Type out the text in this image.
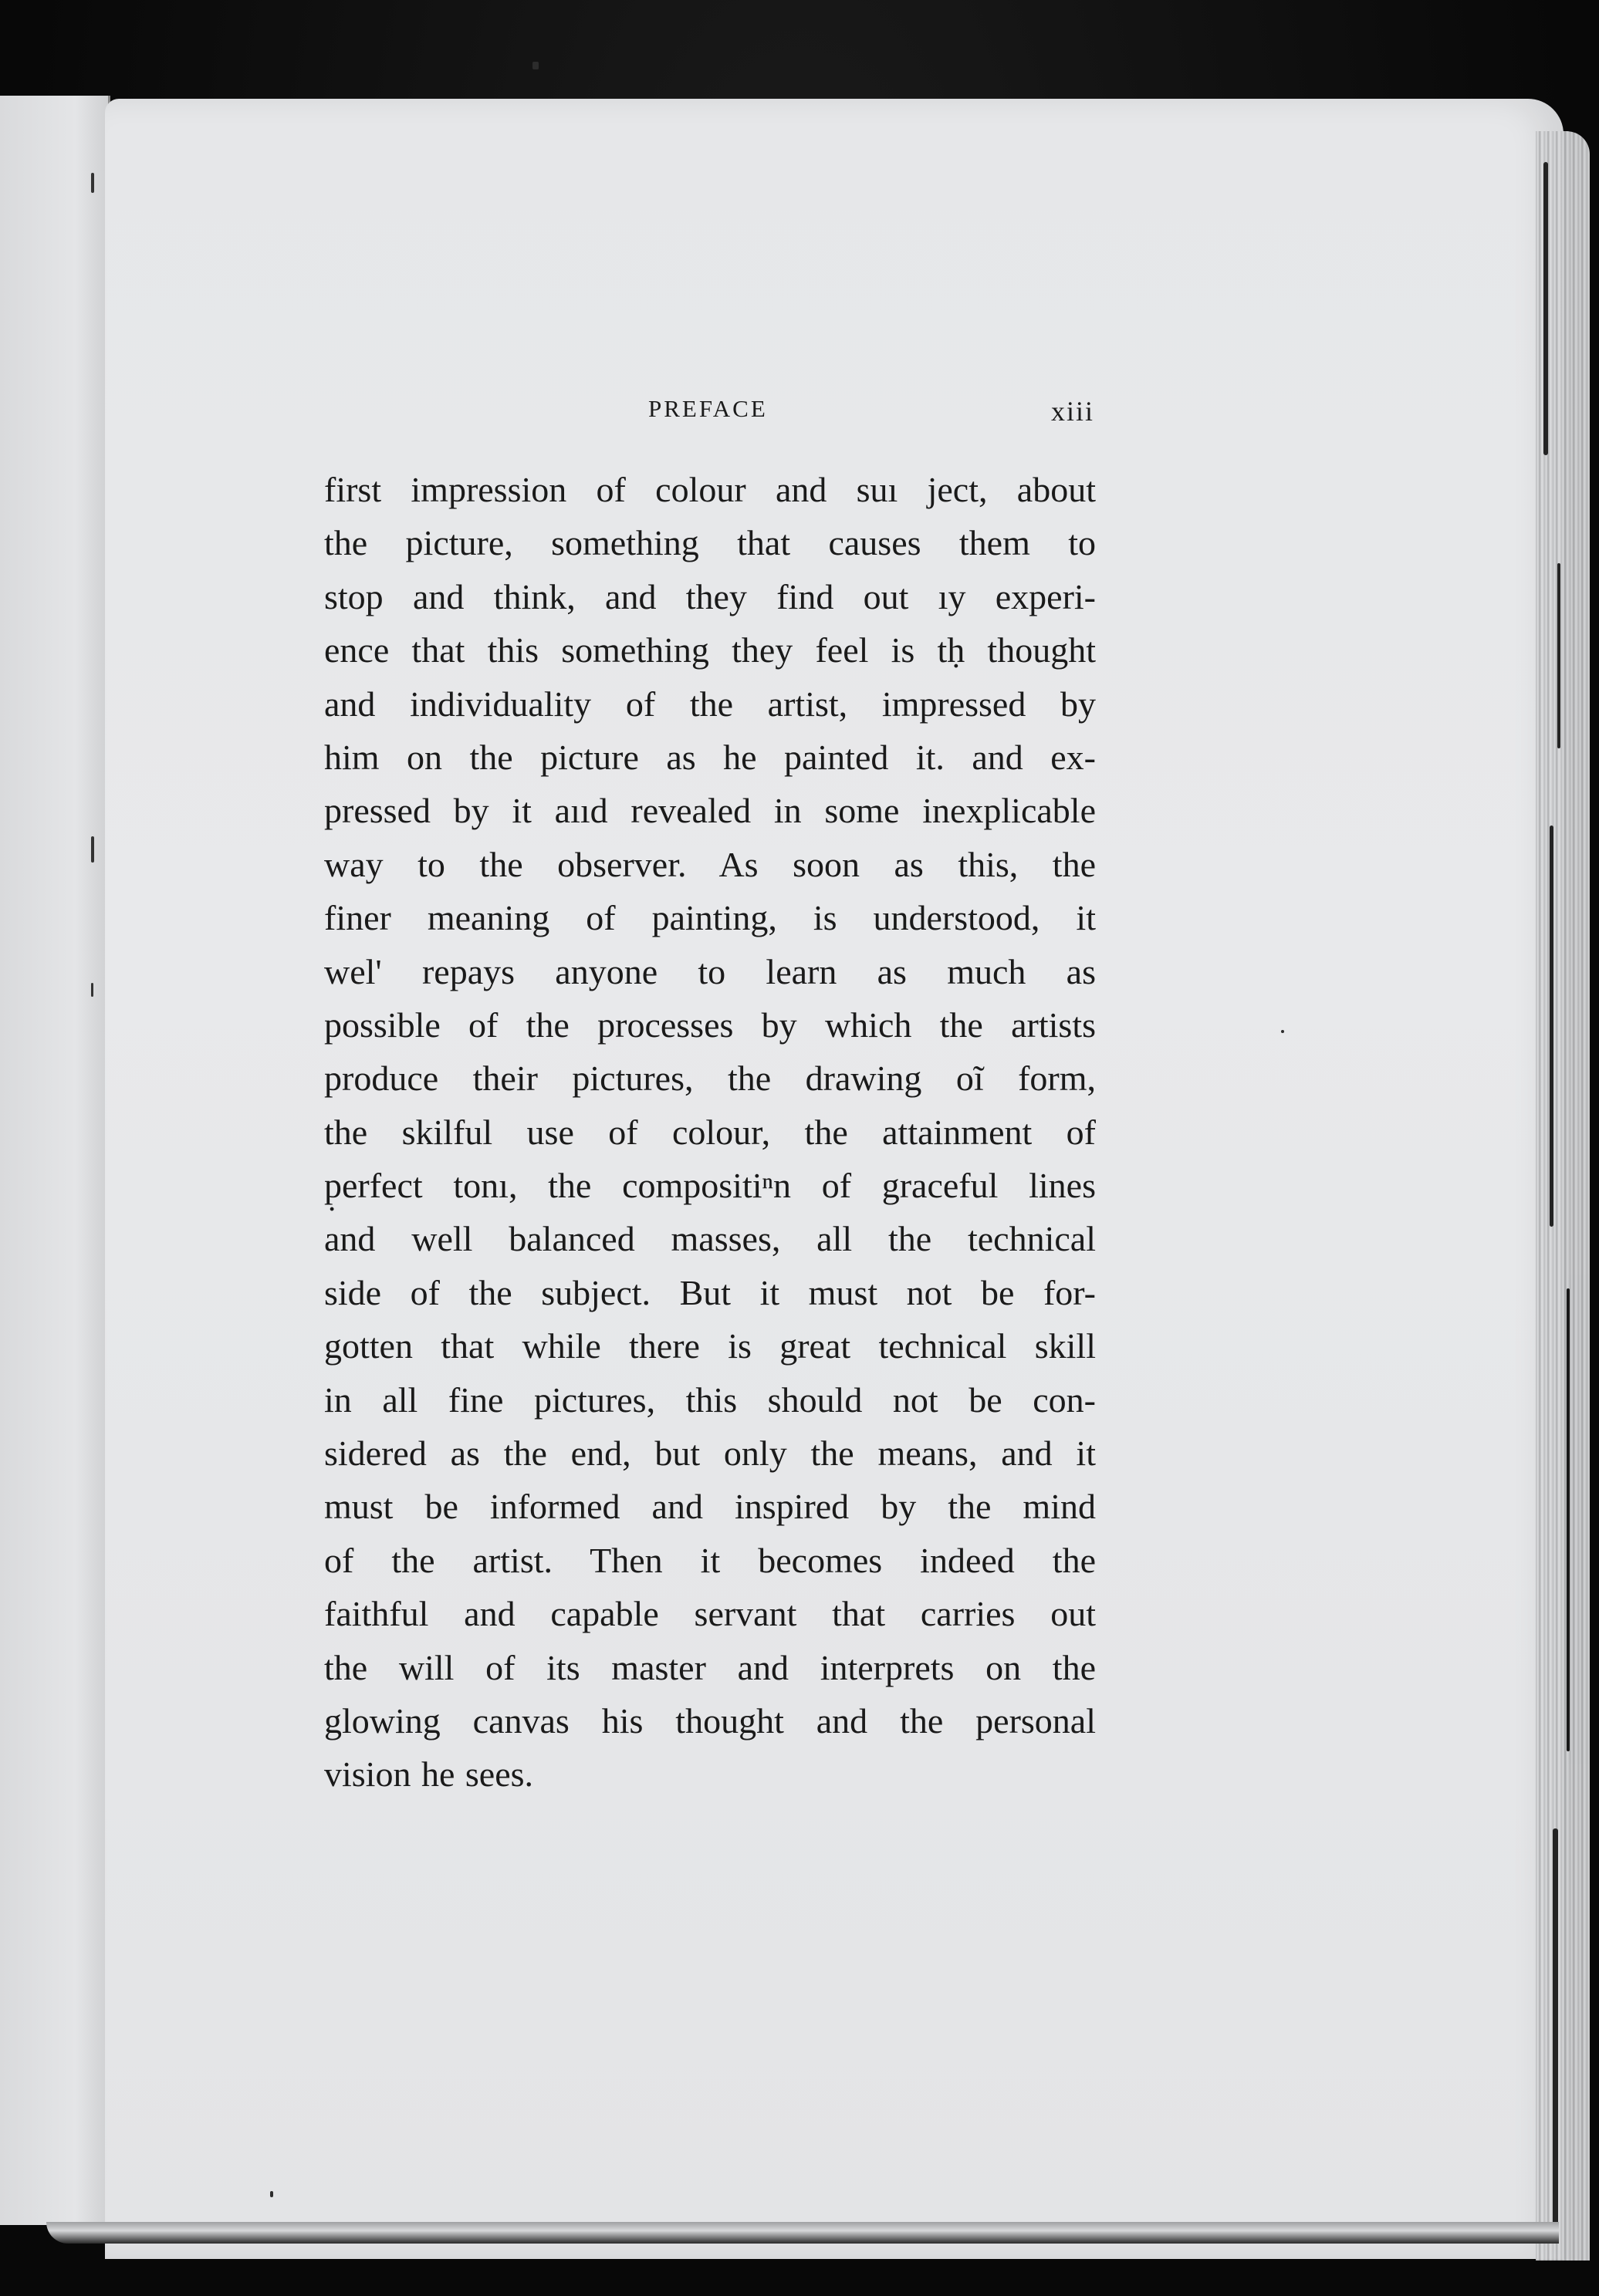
PREFACE	xiii
first impression of colour and suı ject, about
the picture, something that causes them to
stop and think, and they find out ıy experi-
ence that this something they feel is tḥ thought
and individuality of the artist, impressed by
him on the picture as he painted it. and ex-
pressed by it aııd revealed in some inexplicable
way to the observer. As soon as this, the
finer meaning of painting, is understood, it
wel' repays anyone to learn as much as
possible of the processes by which the artists
produce their pictures, the drawing oĩ form,
the skilful use of colour, the attainment of
p̣erfect tonı, the compositiⁿn of graceful lines
and well balanced masses, all the technical
side of the subject. But it must not be for-
gotten that while there is great technical skill
in all fine pictures, this should not be con-
sidered as the end, but only the means, and it
must be informed and inspired by the mind
of the artist. Then it becomes indeed the
faithful and capable servant that carries out
the will of its master and interprets on the
glowing canvas his thought and the personal
vision he sees.
